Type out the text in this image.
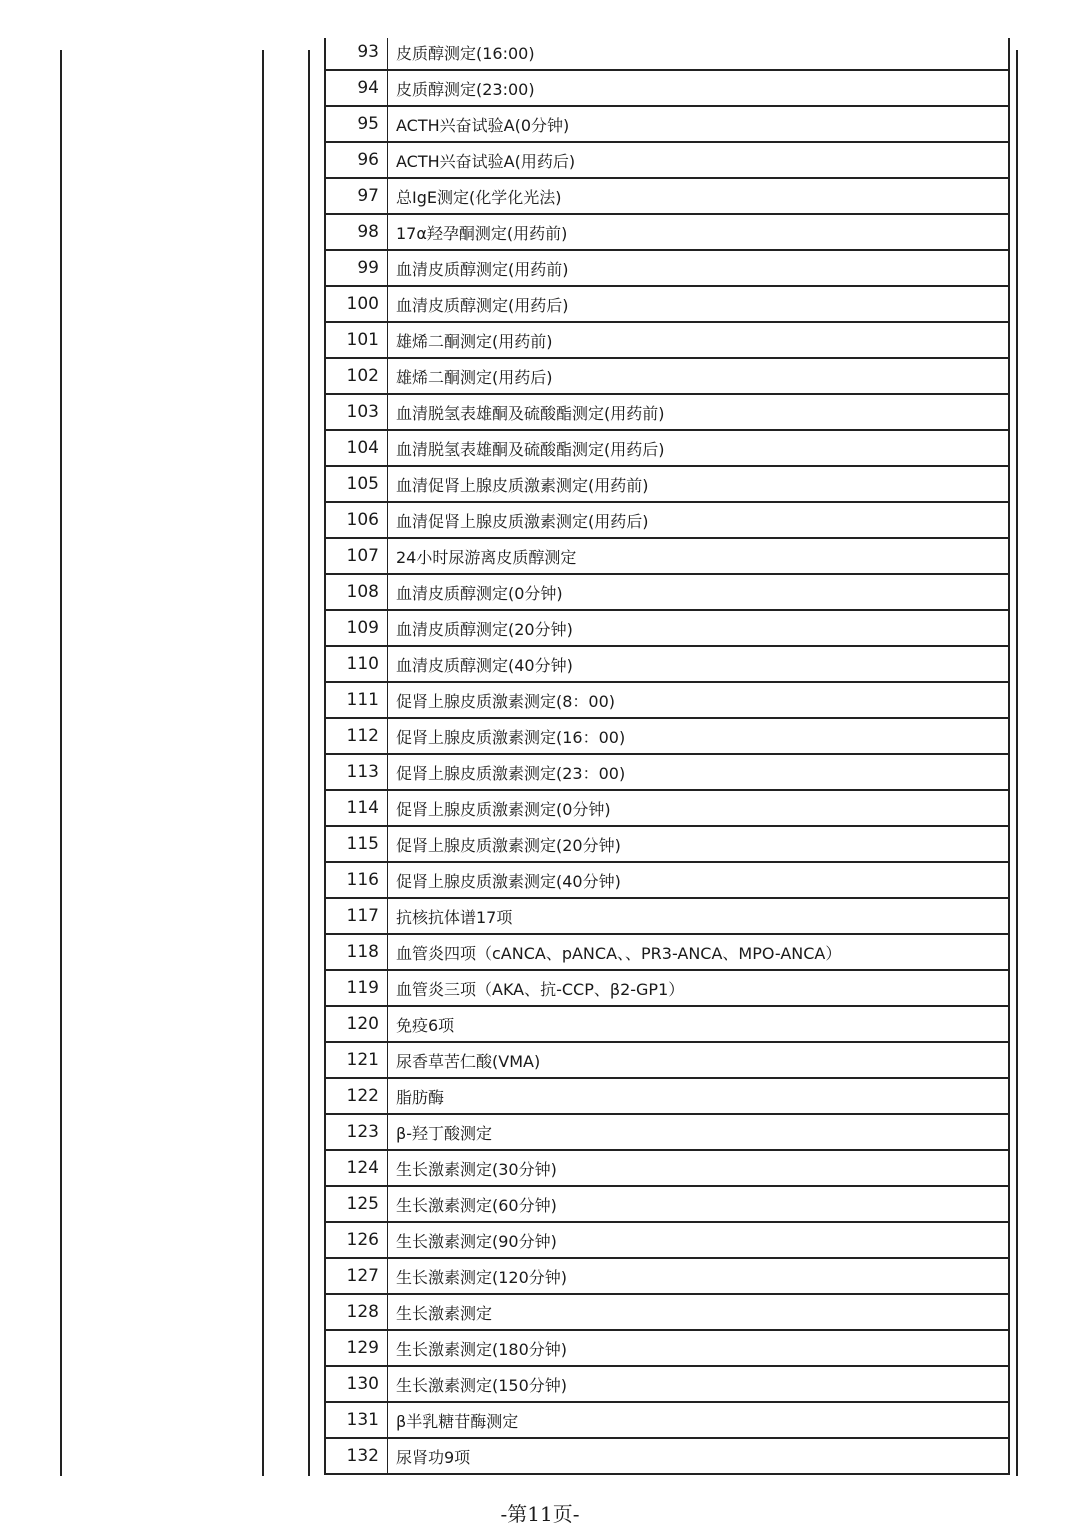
93	皮质醇测定(16:00)
94	皮质醇测定(23:00)
95	ACTH兴奋试验A(0分钟)
96	ACTH兴奋试验A(用药后)
97	总IgE测定(化学化光法)
98	17α羟孕酮测定(用药前)
99	血清皮质醇测定(用药前)
100	血清皮质醇测定(用药后)
101	雄烯二酮测定(用药前)
102	雄烯二酮测定(用药后)
103	血清脱氢表雄酮及硫酸酯测定(用药前)
104	血清脱氢表雄酮及硫酸酯测定(用药后)
105	血清促肾上腺皮质激素测定(用药前)
106	血清促肾上腺皮质激素测定(用药后)
107	24小时尿游离皮质醇测定
108	血清皮质醇测定(0分钟)
109	血清皮质醇测定(20分钟)
110	血清皮质醇测定(40分钟)
111	促肾上腺皮质激素测定(8：00)
112	促肾上腺皮质激素测定(16：00)
113	促肾上腺皮质激素测定(23：00)
114	促肾上腺皮质激素测定(0分钟)
115	促肾上腺皮质激素测定(20分钟)
116	促肾上腺皮质激素测定(40分钟)
117	抗核抗体谱17项
118	血管炎四项（cANCA、pANCA、、PR3-ANCA、MPO-ANCA）
119	血管炎三项（AKA、抗-CCP、β2-GP1）
120	免疫6项
121	尿香草苦仁酸(VMA)
122	脂肪酶
123	β-羟丁酸测定
124	生长激素测定(30分钟)
125	生长激素测定(60分钟)
126	生长激素测定(90分钟)
127	生长激素测定(120分钟)
128	生长激素测定
129	生长激素测定(180分钟)
130	生长激素测定(150分钟)
131	β半乳糖苷酶测定
132	尿肾功9项
-第11页-
